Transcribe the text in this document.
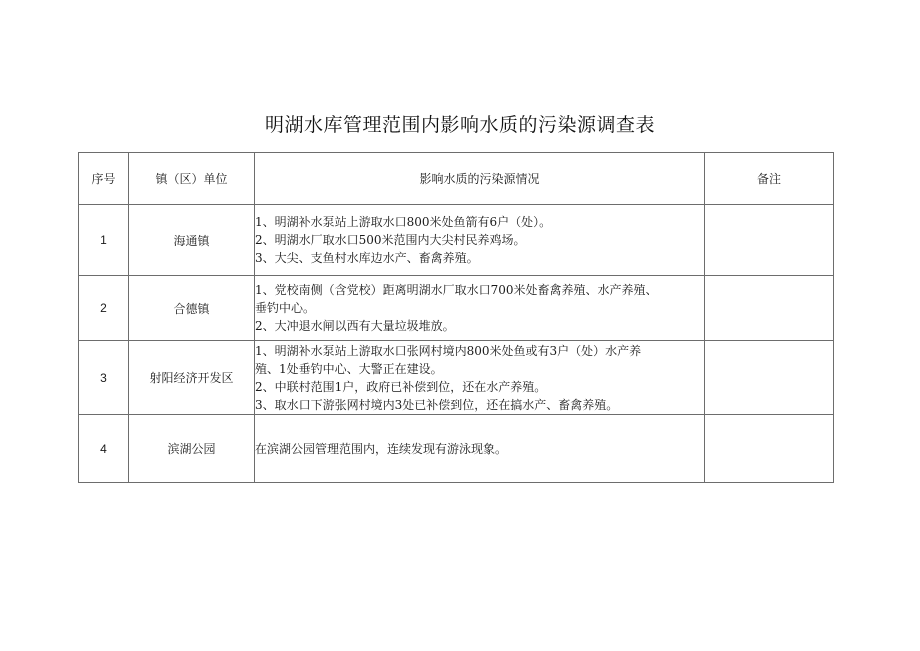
明湖水库管理范围内影响水质的污染源调查表
序号	镇（区）单位	影响水质的污染源情况	备注
1	海通镇	1、明湖补水泵站上游取水口800米处鱼箭有6户（处）。
2、明湖水厂取水口500米范围内大尖村民养鸡场。
3、大尖、支鱼村水库边水产、畜禽养殖。	

2	合德镇	1、党校南侧（含党校）距离明湖水厂取水口700米处畜禽养殖、水产养殖、
垂钓中心。
2、大冲退水闸以西有大量垃圾堆放。	

3	射阳经济开发区	1、明湖补水泵站上游取水口张网村境内800米处鱼或有3户（处）水产养
殖、1处垂钓中心、大警正在建设。
2、中联村范围1户，政府已补偿到位，还在水产养殖。
3、取水口下游张网村境内3处已补偿到位，还在搞水产、畜禽养殖。	

4	滨湖公园	在滨湖公园管理范围内，连续发现有游泳现象。	
